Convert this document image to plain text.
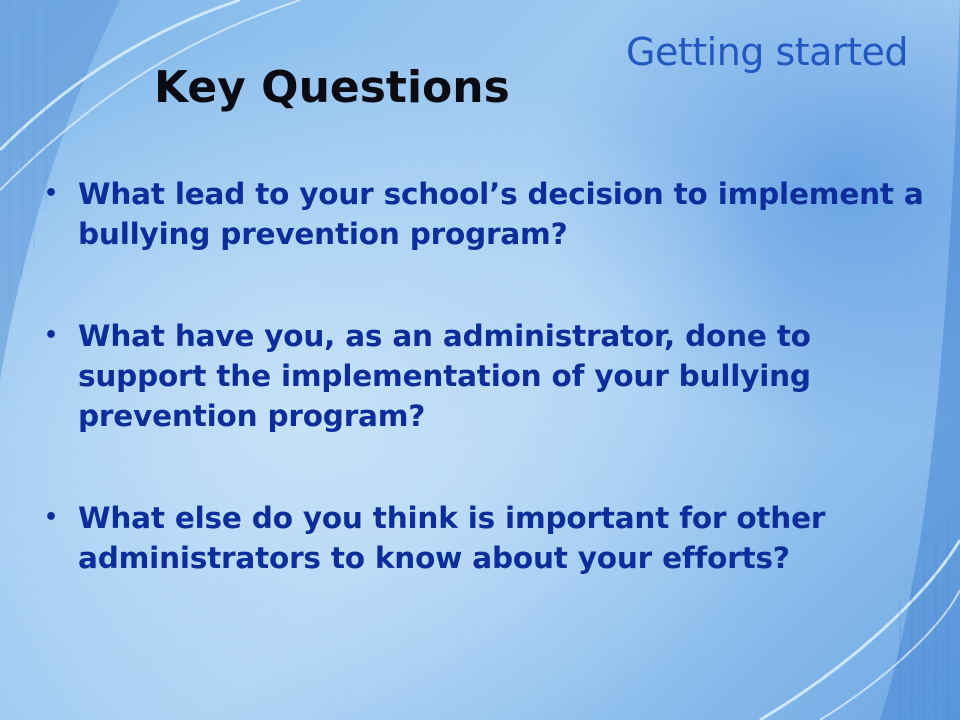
Getting started
Key Questions
• What lead to your school’s decision to implement a bullying prevention program?
• What have you, as an administrator, done to support the implementation of your bullying prevention program?
• What else do you think is important for other administrators to know about your efforts?
